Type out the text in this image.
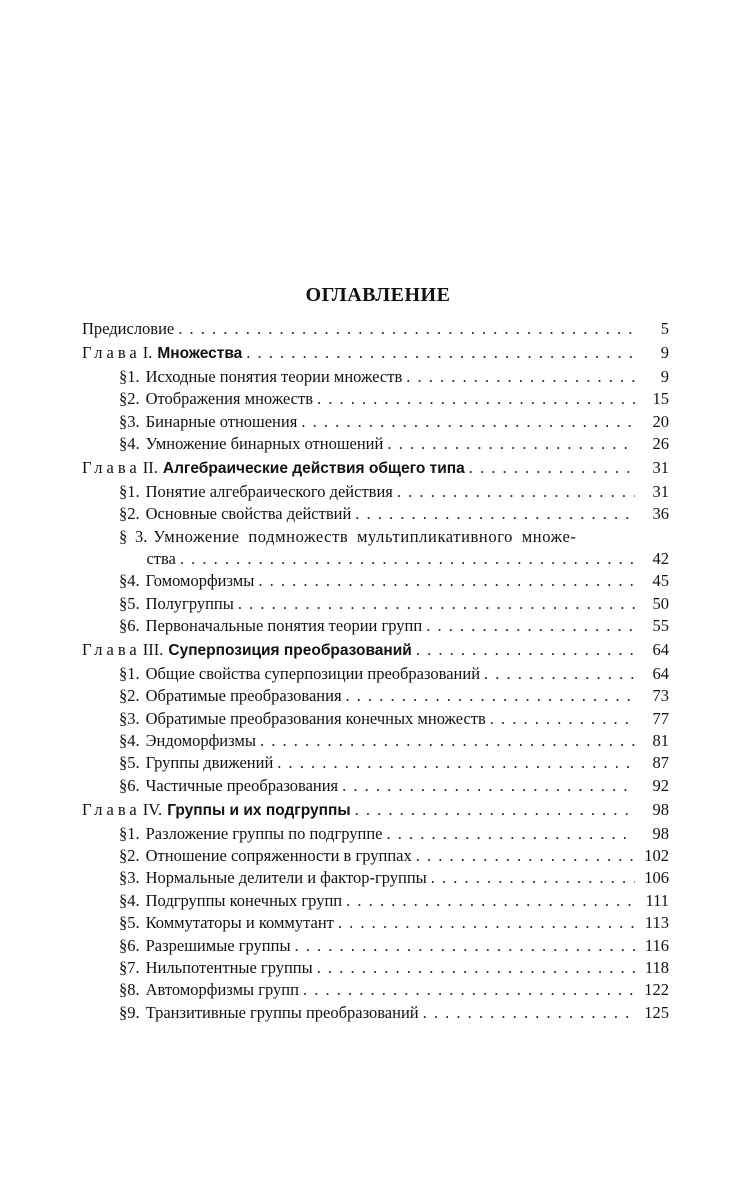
ОГЛАВЛЕНИЕ
Предисловие . . .	5
Глава I. Множества . . .	9
§ 1. Исходные понятия теории множеств . . .	9
§ 2. Отображения множеств . . .	15
§ 3. Бинарные отношения . . .	20
§ 4. Умножение бинарных отношений . . .	26
Глава II. Алгебраические действия общего типа . . .	31
§ 1. Понятие алгебраического действия . . .	31
§ 2. Основные свойства действий . . .	36
§ 3. Умножение подмножеств мультипликативного множе-
ства . . .	42
§ 4. Гомоморфизмы . . .	45
§ 5. Полугруппы . . .	50
§ 6. Первоначальные понятия теории групп . . .	55
Глава III. Суперпозиция преобразований . . .	64
§ 1. Общие свойства суперпозиции преобразований . . .	64
§ 2. Обратимые преобразования . . .	73
§ 3. Обратимые преобразования конечных множеств . . .	77
§ 4. Эндоморфизмы . . .	81
§ 5. Группы движений . . .	87
§ 6. Частичные преобразования . . .	92
Глава IV. Группы и их подгруппы . . .	98
§ 1. Разложение группы по подгруппе . . .	98
§ 2. Отношение сопряженности в группах . . .	102
§ 3. Нормальные делители и фактор-группы . . .	106
§ 4. Подгруппы конечных групп . . .	111
§ 5. Коммутаторы и коммутант . . .	113
§ 6. Разрешимые группы . . .	116
§ 7. Нильпотентные группы . . .	118
§ 8. Автоморфизмы групп . . .	122
§ 9. Транзитивные группы преобразований . . .	125
